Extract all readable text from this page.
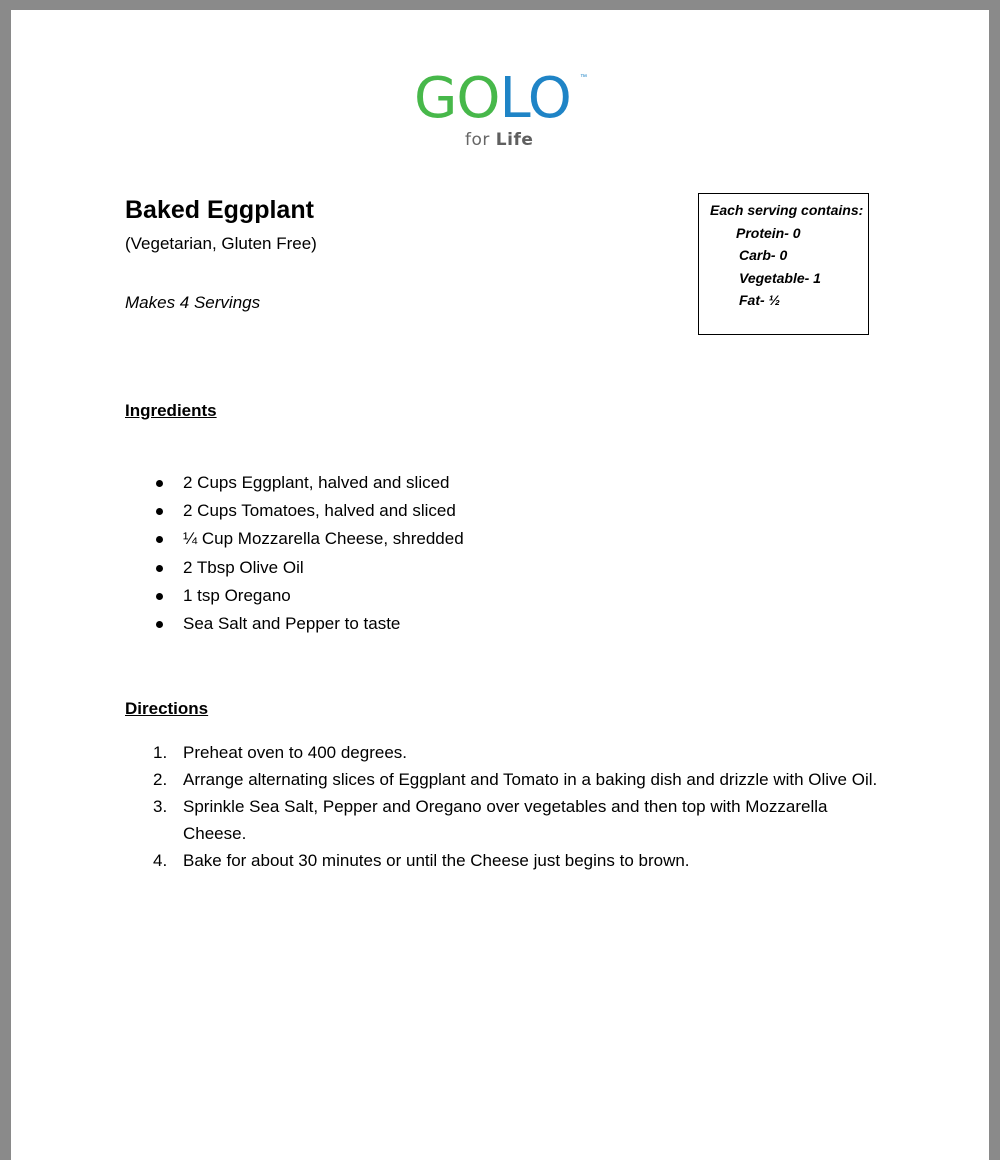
GOLO ™
for Life
Baked Eggplant
(Vegetarian, Gluten Free)
Makes 4 Servings
Each serving contains:
Protein- 0
Carb- 0
Vegetable- 1
Fat- ½
Ingredients
2 Cups Eggplant, halved and sliced
2 Cups Tomatoes, halved and sliced
¼ Cup Mozzarella Cheese, shredded
2 Tbsp Olive Oil
1 tsp Oregano
Sea Salt and Pepper to taste
Directions
1. Preheat oven to 400 degrees.
2. Arrange alternating slices of Eggplant and Tomato in a baking dish and drizzle with Olive Oil.
3. Sprinkle Sea Salt, Pepper and Oregano over vegetables and then top with Mozzarella Cheese.
4. Bake for about 30 minutes or until the Cheese just begins to brown.
